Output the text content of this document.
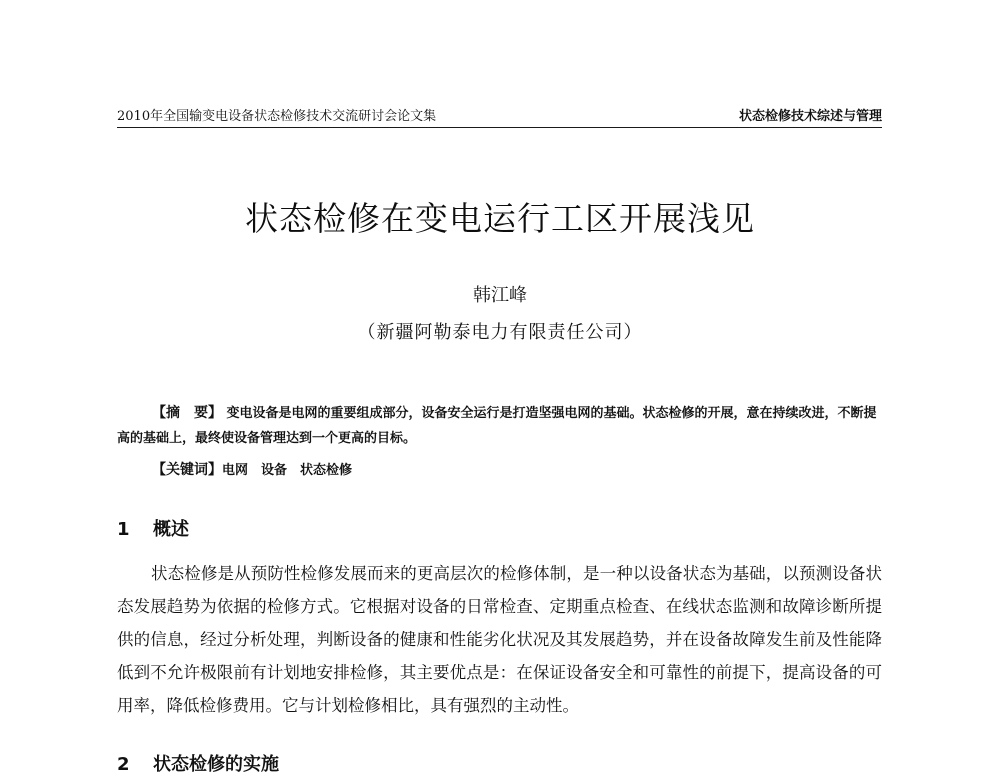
2010年全国输变电设备状态检修技术交流研讨会论文集	状态检修技术综述与管理
状态检修在变电运行工区开展浅见
韩江峰
（新疆阿勒泰电力有限责任公司）

【摘　要】 变电设备是电网的重要组成部分，设备安全运行是打造坚强电网的基础。状态检修的开展，意在持续改进，不断提高的基础上，最终使设备管理达到一个更高的目标。

【关键词】电网　设备　状态检修
1 概述

状态检修是从预防性检修发展而来的更高层次的检修体制，是一种以设备状态为基础，以预测设备状态发展趋势为依据的检修方式。它根据对设备的日常检查、定期重点检查、在线状态监测和故障诊断所提供的信息，经过分析处理，判断设备的健康和性能劣化状况及其发展趋势，并在设备故障发生前及性能降低到不允许极限前有计划地安排检修，其主要优点是：在保证设备安全和可靠性的前提下，提高设备的可用率，降低检修费用。它与计划检修相比，具有强烈的主动性。

2 状态检修的实施
